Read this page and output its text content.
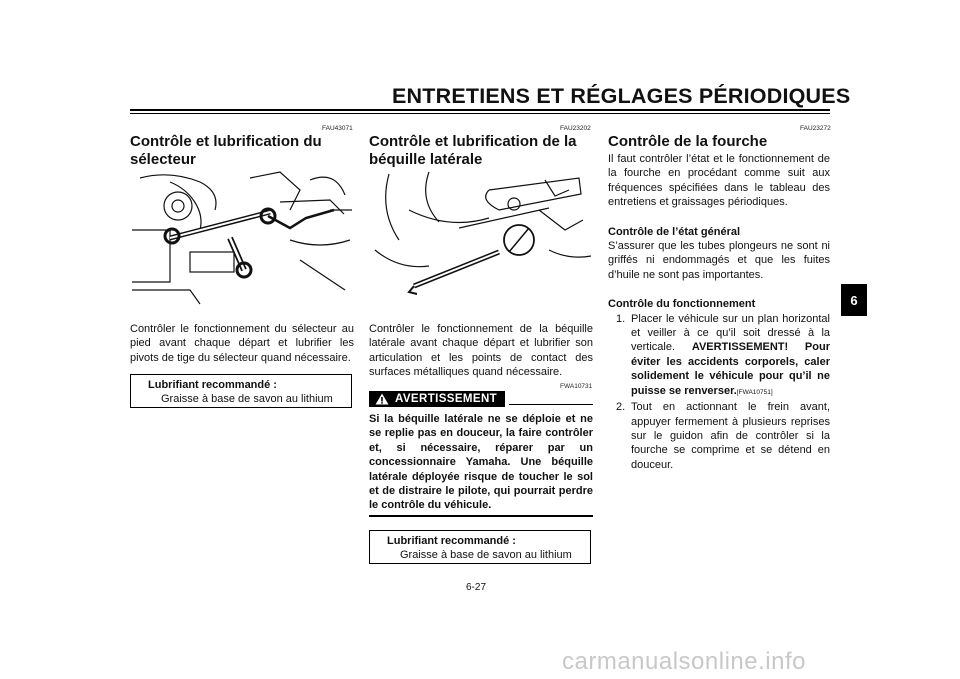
ENTRETIENS ET RÉGLAGES PÉRIODIQUES
FAU43071
Contrôle et lubrification du
sélecteur
Contrôler le fonctionnement du sélecteur au pied avant chaque départ et lubrifier les pivots de tige du sélecteur quand nécessaire.
Lubrifiant recommandé :
Graisse à base de savon au lithium
FAU23202
Contrôle et lubrification de la
béquille latérale
Contrôler le fonctionnement de la béquille latérale avant chaque départ et lubrifier son articulation et les points de contact des surfaces métalliques quand nécessaire.
FWA10731
AVERTISSEMENT
Si la béquille latérale ne se déploie et ne se replie pas en douceur, la faire contrôler et, si nécessaire, réparer par un concessionnaire Yamaha. Une béquille latérale déployée risque de toucher le sol et de distraire le pilote, qui pourrait perdre le contrôle du véhicule.
Lubrifiant recommandé :
Graisse à base de savon au lithium
FAU23272
Contrôle de la fourche
Il faut contrôler l’état et le fonctionnement de la fourche en procédant comme suit aux fréquences spécifiées dans le tableau des entretiens et graissages périodiques.
Contrôle de l’état général
S’assurer que les tubes plongeurs ne sont ni griffés ni endommagés et que les fuites d’huile ne sont pas importantes.
Contrôle du fonctionnement
1. Placer le véhicule sur un plan horizontal et veiller à ce qu’il soit dressé à la verticale. AVERTISSEMENT! Pour éviter les accidents corporels, caler solidement le véhicule pour qu’il ne puisse se renverser.[FWA10751]
2. Tout en actionnant le frein avant, appuyer fermement à plusieurs reprises sur le guidon afin de contrôler si la fourche se comprime et se détend en douceur.
6
6-27
carmanualsonline.info
